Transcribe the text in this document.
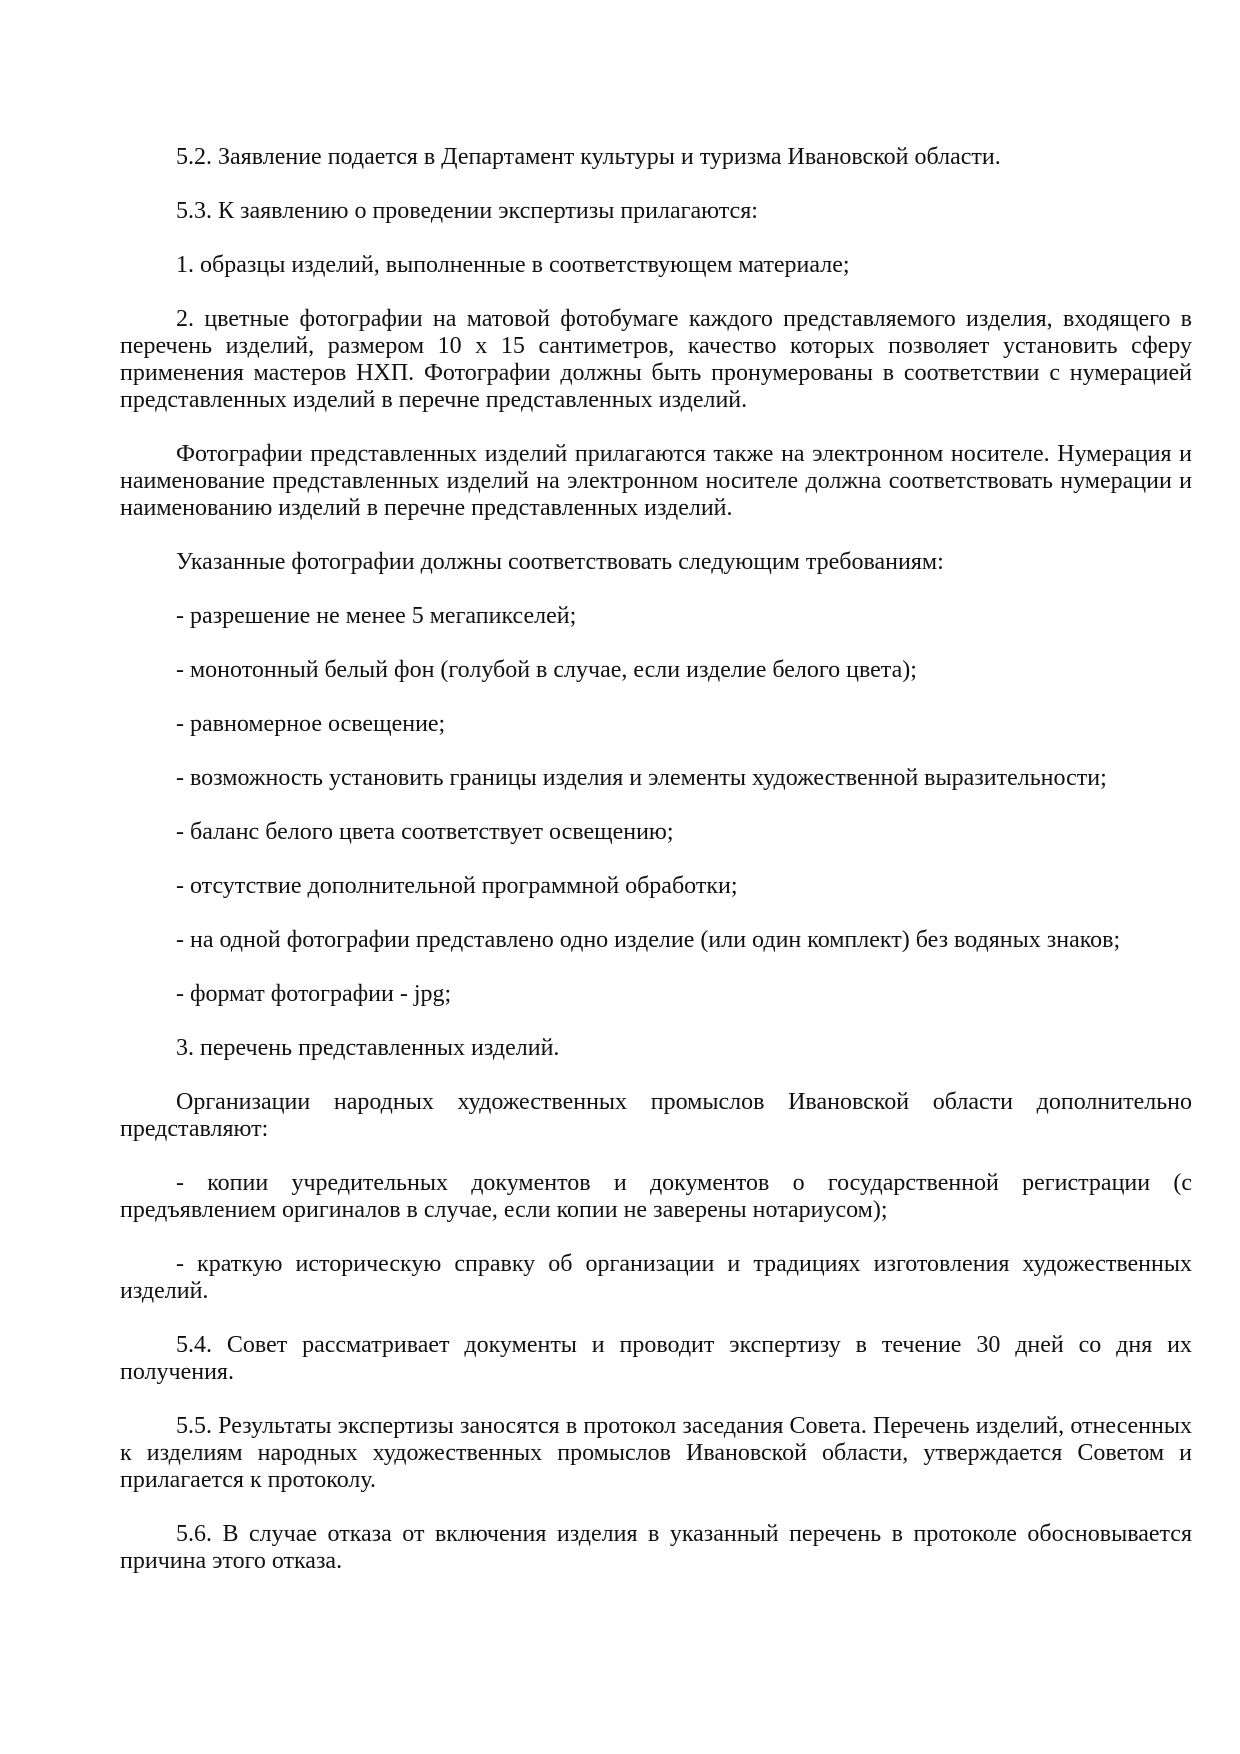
5.2. Заявление подается в Департамент культуры и туризма Ивановской области.

5.3. К заявлению о проведении экспертизы прилагаются:

1. образцы изделий, выполненные в соответствующем материале;

2. цветные фотографии на матовой фотобумаге каждого представляемого изделия, входящего в перечень изделий, размером 10 х 15 сантиметров, качество которых позволяет установить сферу применения мастеров НХП. Фотографии должны быть пронумерованы в соответствии с нумерацией представленных изделий в перечне представленных изделий.

Фотографии представленных изделий прилагаются также на электронном носителе. Нумерация и наименование представленных изделий на электронном носителе должна соответствовать нумерации и наименованию изделий в перечне представленных изделий.

Указанные фотографии должны соответствовать следующим требованиям:

- разрешение не менее 5 мегапикселей;

- монотонный белый фон (голубой в случае, если изделие белого цвета);

- равномерное освещение;

- возможность установить границы изделия и элементы художественной выразительности;

- баланс белого цвета соответствует освещению;

- отсутствие дополнительной программной обработки;

- на одной фотографии представлено одно изделие (или один комплект) без водяных знаков;

- формат фотографии - jpg;

3. перечень представленных изделий.

Организации народных художественных промыслов Ивановской области дополнительно представляют:

- копии учредительных документов и документов о государственной регистрации (с предъявлением оригиналов в случае, если копии не заверены нотариусом);

- краткую историческую справку об организации и традициях изготовления художественных изделий.

5.4. Совет рассматривает документы и проводит экспертизу в течение 30 дней со дня их получения.

5.5. Результаты экспертизы заносятся в протокол заседания Совета. Перечень изделий, отнесенных к изделиям народных художественных промыслов Ивановской области, утверждается Советом и прилагается к протоколу.

5.6. В случае отказа от включения изделия в указанный перечень в протоколе обосновывается причина этого отказа.
